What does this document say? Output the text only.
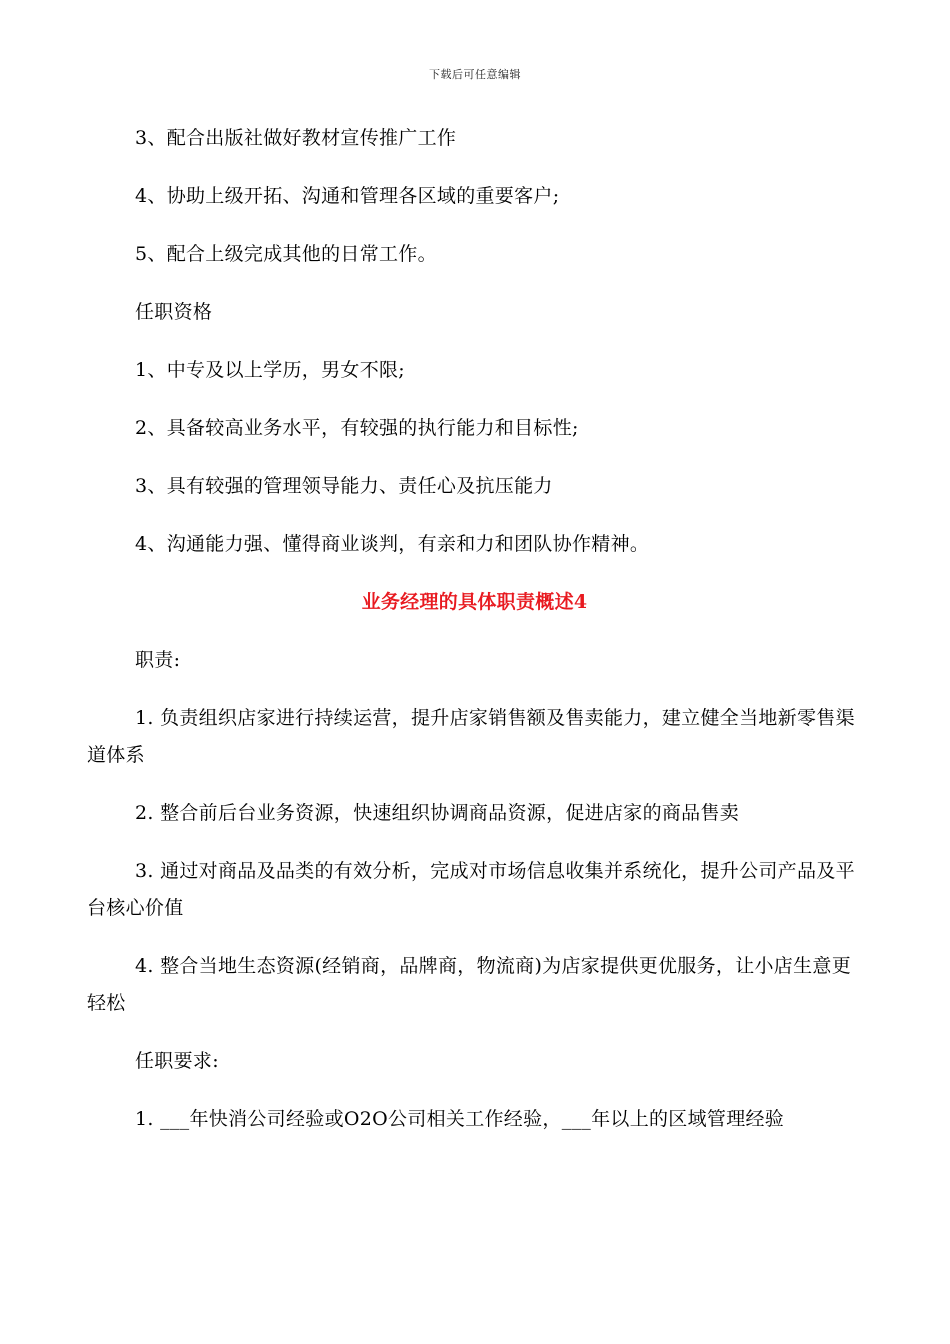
下载后可任意编辑

3、配合出版社做好教材宣传推广工作

4、协助上级开拓、沟通和管理各区域的重要客户;

5、配合上级完成其他的日常工作。

任职资格

1、中专及以上学历，男女不限;

2、具备较高业务水平，有较强的执行能力和目标性;

3、具有较强的管理领导能力、责任心及抗压能力

4、沟通能力强、懂得商业谈判，有亲和力和团队协作精神。

业务经理的具体职责概述4

职责:

1. 负责组织店家进行持续运营，提升店家销售额及售卖能力，建立健全当地新零售渠道体系

2. 整合前后台业务资源，快速组织协调商品资源，促进店家的商品售卖

3. 通过对商品及品类的有效分析，完成对市场信息收集并系统化，提升公司产品及平台核心价值

4. 整合当地生态资源(经销商，品牌商，物流商)为店家提供更优服务，让小店生意更轻松

任职要求:

1. ___年快消公司经验或O2O公司相关工作经验，___年以上的区域管理经验
